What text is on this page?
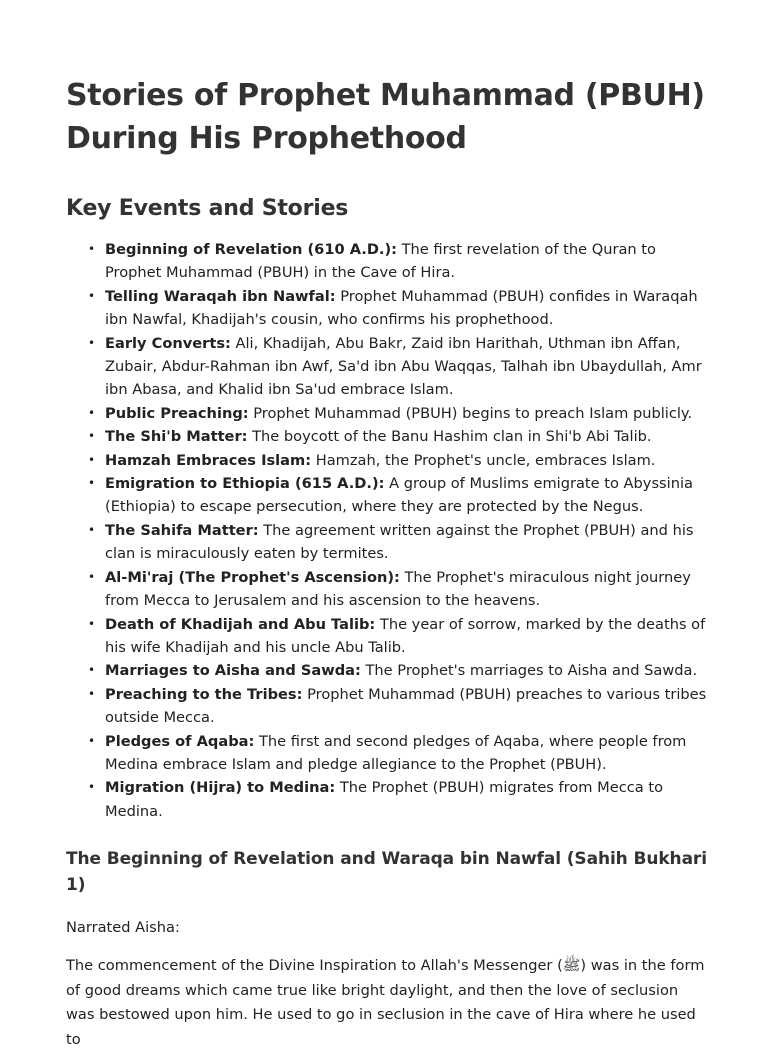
Stories of Prophet Muhammad (PBUH) During His Prophethood
Key Events and Stories
• Beginning of Revelation (610 A.D.): The first revelation of the Quran to Prophet Muhammad (PBUH) in the Cave of Hira.
• Telling Waraqah ibn Nawfal: Prophet Muhammad (PBUH) confides in Waraqah ibn Nawfal, Khadijah's cousin, who confirms his prophethood.
• Early Converts: Ali, Khadijah, Abu Bakr, Zaid ibn Harithah, Uthman ibn Affan, Zubair, Abdur-Rahman ibn Awf, Sa'd ibn Abu Waqqas, Talhah ibn Ubaydullah, Amr ibn Abasa, and Khalid ibn Sa'ud embrace Islam.
• Public Preaching: Prophet Muhammad (PBUH) begins to preach Islam publicly.
• The Shi'b Matter: The boycott of the Banu Hashim clan in Shi'b Abi Talib.
• Hamzah Embraces Islam: Hamzah, the Prophet's uncle, embraces Islam.
• Emigration to Ethiopia (615 A.D.): A group of Muslims emigrate to Abyssinia (Ethiopia) to escape persecution, where they are protected by the Negus.
• The Sahifa Matter: The agreement written against the Prophet (PBUH) and his clan is miraculously eaten by termites.
• Al-Mi'raj (The Prophet's Ascension): The Prophet's miraculous night journey from Mecca to Jerusalem and his ascension to the heavens.
• Death of Khadijah and Abu Talib: The year of sorrow, marked by the deaths of his wife Khadijah and his uncle Abu Talib.
• Marriages to Aisha and Sawda: The Prophet's marriages to Aisha and Sawda.
• Preaching to the Tribes: Prophet Muhammad (PBUH) preaches to various tribes outside Mecca.
• Pledges of Aqaba: The first and second pledges of Aqaba, where people from Medina embrace Islam and pledge allegiance to the Prophet (PBUH).
• Migration (Hijra) to Medina: The Prophet (PBUH) migrates from Mecca to Medina.
The Beginning of Revelation and Waraqa bin Nawfal (Sahih Bukhari 1)

Narrated Aisha:

The commencement of the Divine Inspiration to Allah's Messenger (ﷺ) was in the form of good dreams which came true like bright daylight, and then the love of seclusion was bestowed upon him. He used to go in seclusion in the cave of Hira where he used to
